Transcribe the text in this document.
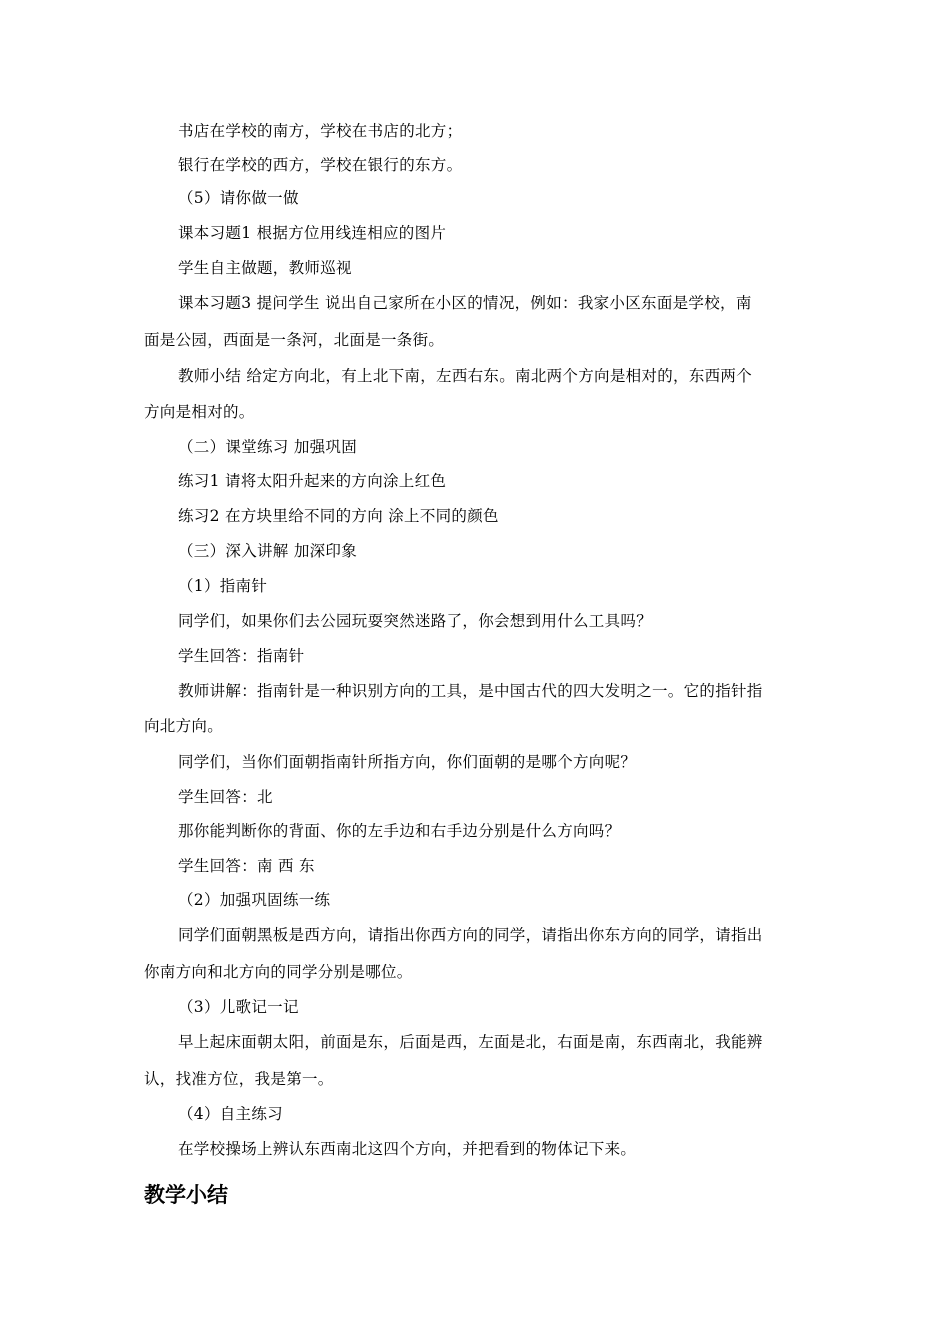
书店在学校的南方，学校在书店的北方；
银行在学校的西方，学校在银行的东方。
（5）请你做一做
课本习题1 根据方位用线连相应的图片
学生自主做题，教师巡视
课本习题3 提问学生 说出自己家所在小区的情况，例如：我家小区东面是学校，南
面是公园，西面是一条河，北面是一条街。
教师小结 给定方向北，有上北下南，左西右东。南北两个方向是相对的，东西两个
方向是相对的。
（二）课堂练习 加强巩固
练习1 请将太阳升起来的方向涂上红色
练习2 在方块里给不同的方向 涂上不同的颜色
（三）深入讲解 加深印象
（1）指南针
同学们，如果你们去公园玩耍突然迷路了，你会想到用什么工具吗？
学生回答：指南针
教师讲解：指南针是一种识别方向的工具，是中国古代的四大发明之一。它的指针指
向北方向。
同学们，当你们面朝指南针所指方向，你们面朝的是哪个方向呢？
学生回答：北
那你能判断你的背面、你的左手边和右手边分别是什么方向吗？
学生回答：南 西 东
（2）加强巩固练一练
同学们面朝黑板是西方向，请指出你西方向的同学，请指出你东方向的同学，请指出
你南方向和北方向的同学分别是哪位。
（3）儿歌记一记
早上起床面朝太阳，前面是东，后面是西，左面是北，右面是南，东西南北，我能辨
认，找准方位，我是第一。
（4）自主练习
在学校操场上辨认东西南北这四个方向，并把看到的物体记下来。
教学小结
